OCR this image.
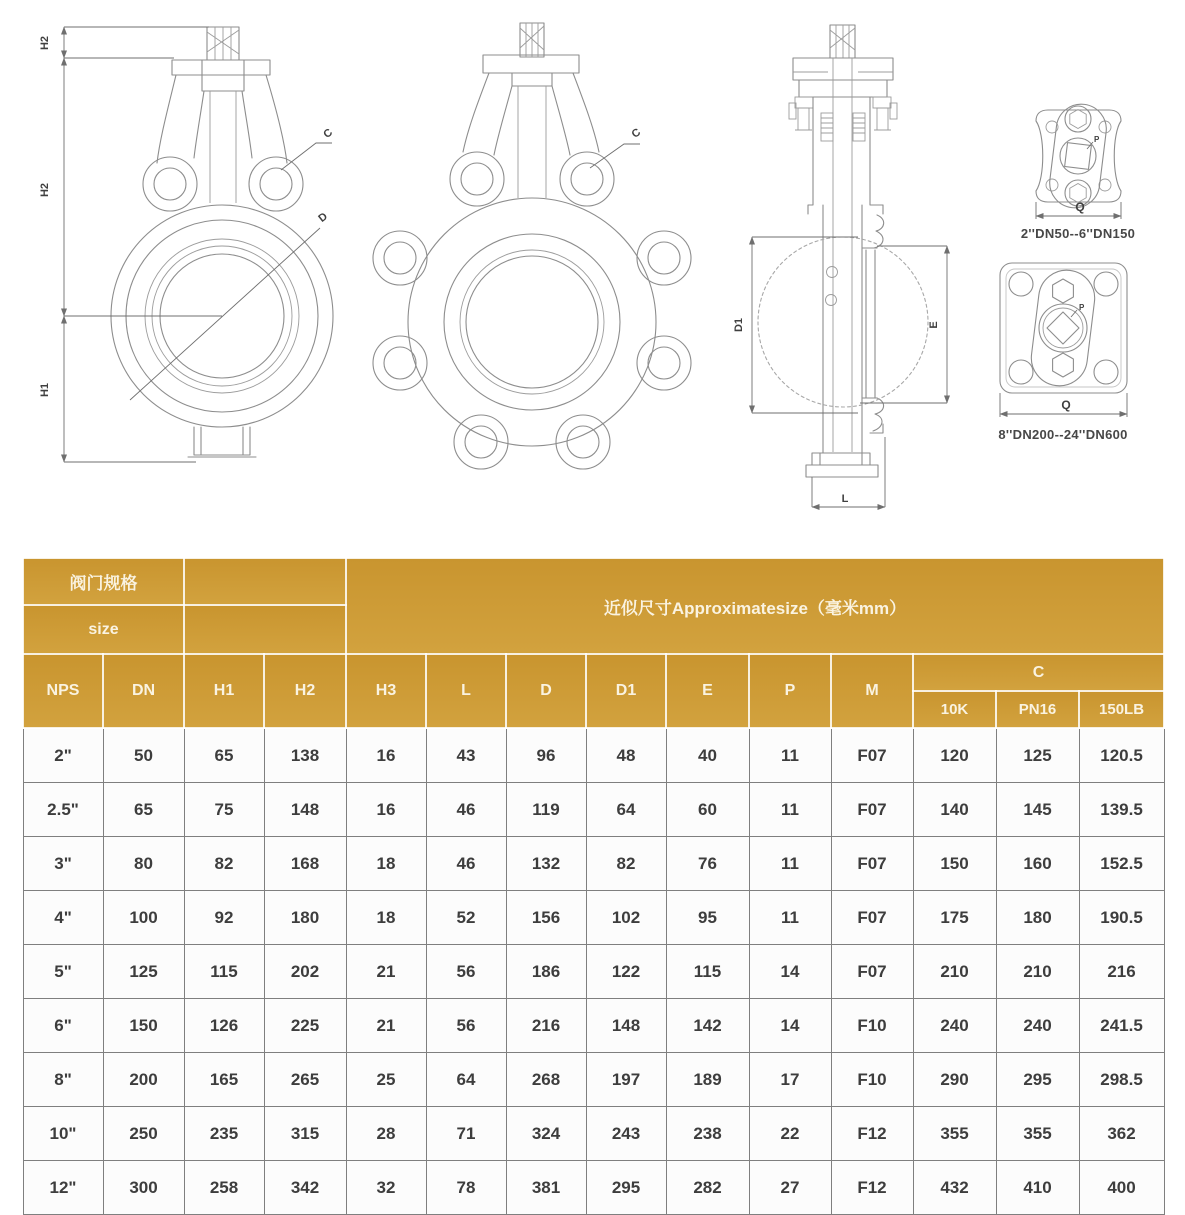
H2
H2
H1
C
D
C
D1	E
L
P
Q
2''DN50--6''DN150
P
Q
8''DN200--24''DN600
阀门规格				近似尺寸Approximatesize（毫米mm）									
size													
NPS	DN	H1	H2	H3	L	D	D1	E	P	M	C		
											10K	PN16	150LB
2"	50	65	138	16	43	96	48	40	11	F07	120	125	120.5
2.5"	65	75	148	16	46	119	64	60	11	F07	140	145	139.5
3"	80	82	168	18	46	132	82	76	11	F07	150	160	152.5
4"	100	92	180	18	52	156	102	95	11	F07	175	180	190.5
5"	125	115	202	21	56	186	122	115	14	F07	210	210	216
6"	150	126	225	21	56	216	148	142	14	F10	240	240	241.5
8"	200	165	265	25	64	268	197	189	17	F10	290	295	298.5
10"	250	235	315	28	71	324	243	238	22	F12	355	355	362
12"	300	258	342	32	78	381	295	282	27	F12	432	410	400
